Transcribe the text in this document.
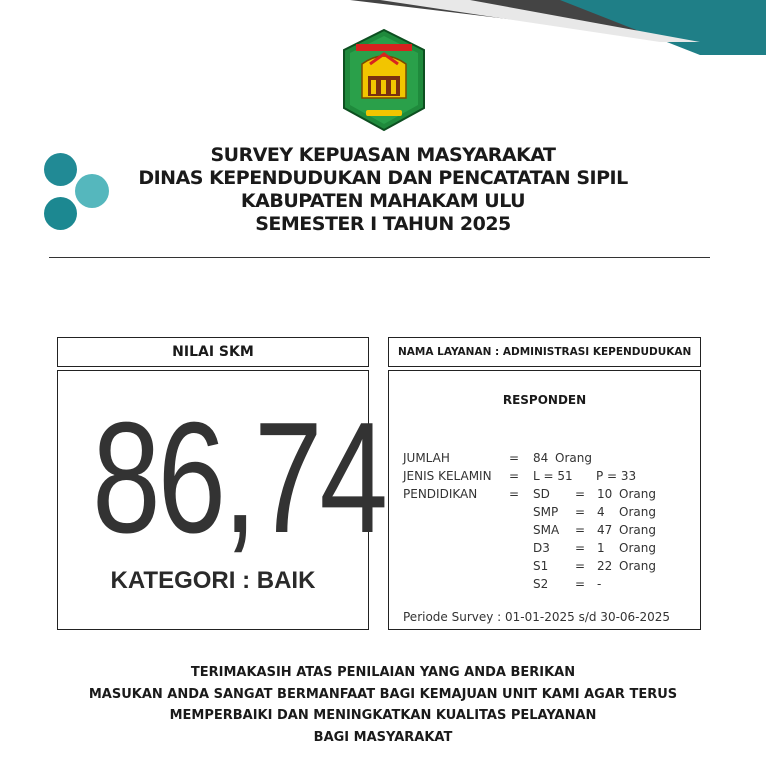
SURVEY KEPUASAN MASYARAKAT
DINAS KEPENDUDUKAN DAN PENCATATAN SIPIL
KABUPATEN MAHAKAM ULU
SEMESTER I TAHUN 2025
NILAI SKM
86,74
KATEGORI : BAIK
NAMA LAYANAN : ADMINISTRASI KEPENDUDUKAN
RESPONDEN
JUMLAH	= 84 Orang
JENIS KELAMIN = L = 51 P = 33
PENDIDIKAN	= SD = 10 Orang
SMP = 4 Orang
SMA = 47 Orang
D3 = 1 Orang
S1 = 22 Orang
S2 = -
Periode Survey : 01-01-2025 s/d 30-06-2025
TERIMAKASIH ATAS PENILAIAN YANG ANDA BERIKAN
MASUKAN ANDA SANGAT BERMANFAAT BAGI KEMAJUAN UNIT KAMI AGAR TERUS
MEMPERBAIKI DAN MENINGKATKAN KUALITAS PELAYANAN
BAGI MASYARAKAT
